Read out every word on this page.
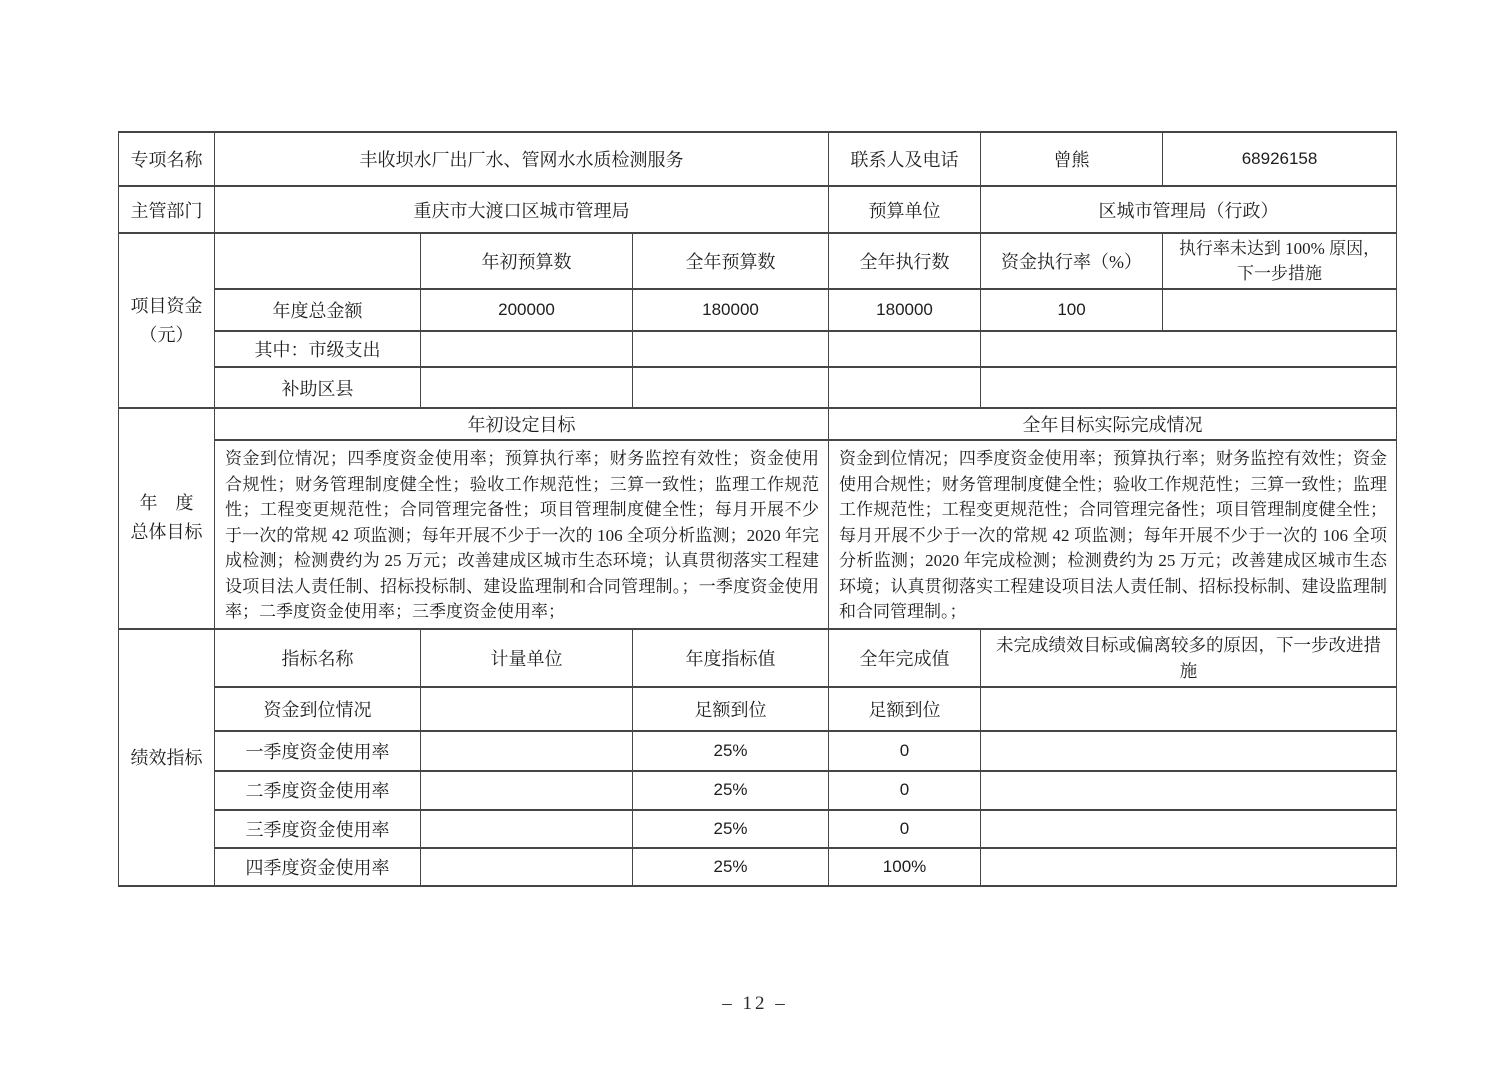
专项名称	丰收坝水厂出厂水、管网水水质检测服务			联系人及电话	曾熊	68926158
主管部门	重庆市大渡口区城市管理局			预算单位	区城市管理局（行政）	

项目资金
（元）		年初预算数	全年预算数	全年执行数	资金执行率（%）	执行率未达到 100% 原因，下一步措施
	年度总金额	200000	180000	180000	100	
	其中：市级支出					
	补助区县					

年　度
总体目标	年初设定目标			全年目标实际完成情况		
资金到位情况；四季度资金使用率；预算执行率；财务监控有效性；资金使用合规性；财务管理制度健全性；验收工作规范性；三算一致性；监理工作规范性；工程变更规范性；合同管理完备性；项目管理制度健全性；每月开展不少于一次的常规 42 项监测；每年开展不少于一次的 106 全项分析监测；2020 年完成检测；检测费约为 25 万元；改善建成区城市生态环境；认真贯彻落实工程建设项目法人责任制、招标投标制、建设监理制和合同管理制。；一季度资金使用率；二季度资金使用率；三季度资金使用率；	资金到位情况；四季度资金使用率；预算执行率；财务监控有效性；资金使用合规性；财务管理制度健全性；验收工作规范性；三算一致性；监理工作规范性；工程变更规范性；合同管理完备性；项目管理制度健全性；每月开展不少于一次的常规 42 项监测；每年开展不少于一次的 106 全项分析监测；2020 年完成检测；检测费约为 25 万元；改善建成区城市生态环境；认真贯彻落实工程建设项目法人责任制、招标投标制、建设监理制和合同管理制。；
绩效指标	指标名称	计量单位	年度指标值	全年完成值	未完成绩效目标或偏离较多的原因，下一步改进措施	
	资金到位情况		足额到位	足额到位		
	一季度资金使用率		25%	0		
	二季度资金使用率		25%	0		
	三季度资金使用率		25%	0		
	四季度资金使用率		25%	100%		
– 12 –
